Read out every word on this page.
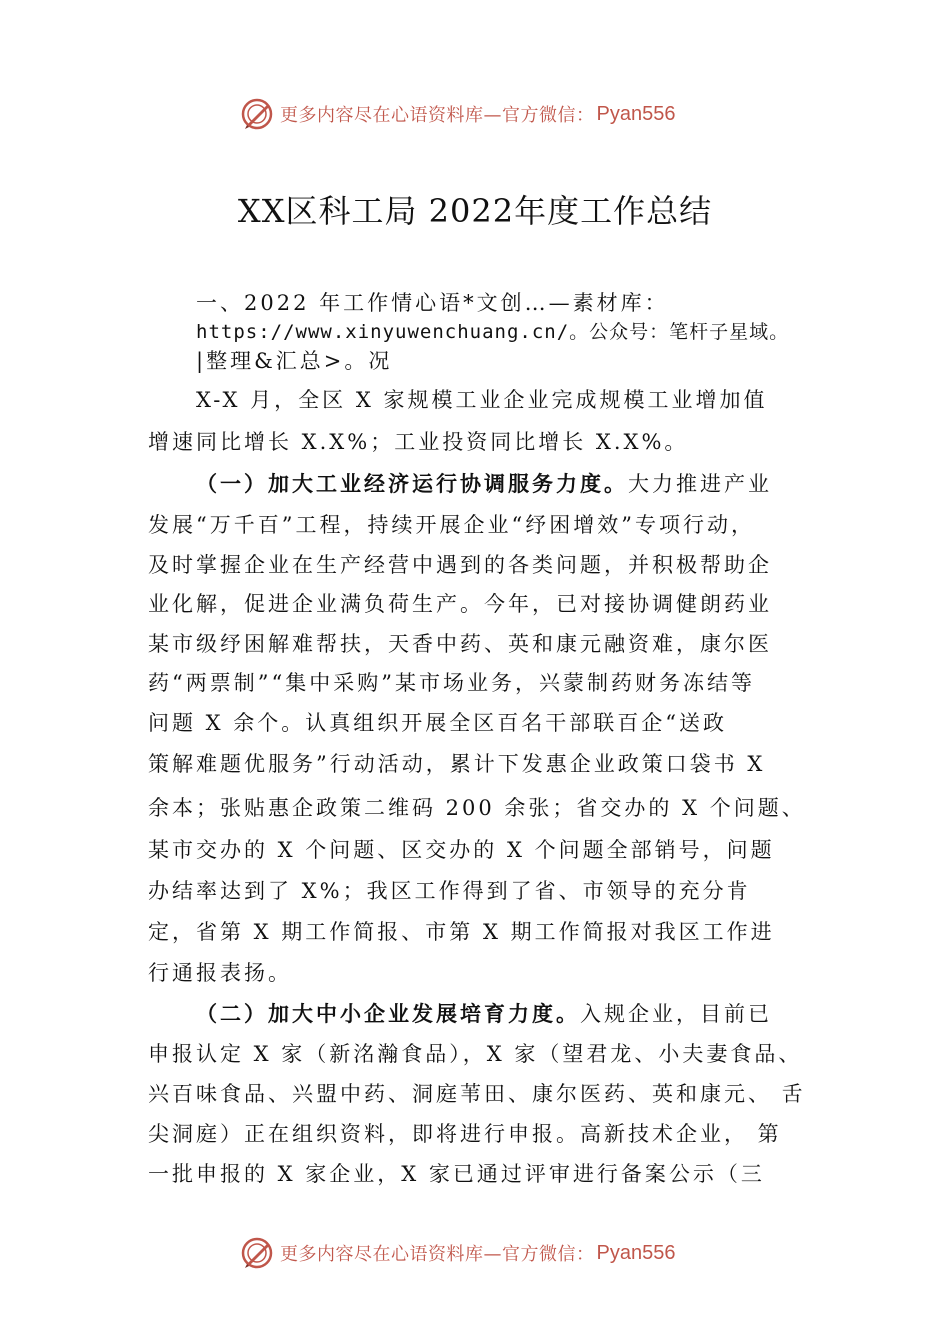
更多内容尽在心语资料库—官方微信： Pyan556
XX区科工局 2022年度工作总结
一、2022 年工作情心语*文创…—素材库：
https://www.xinyuwenchuang.cn/。公众号：笔杆子星域。
|整理&汇总>。况
X-X 月，全区 X 家规模工业企业完成规模工业增加值
增速同比增长 X.X%；工业投资同比增长 X.X%。
（一）加大工业经济运行协调服务力度。大力推进产业
发展“万千百”工程，持续开展企业“纾困增效”专项行动，
及时掌握企业在生产经营中遇到的各类问题，并积极帮助企
业化解，促进企业满负荷生产。今年，已对接协调健朗药业
某市级纾困解难帮扶，天香中药、英和康元融资难，康尔医
药“两票制”“集中采购”某市场业务，兴蒙制药财务冻结等
问题 X 余个。认真组织开展全区百名干部联百企“送政
策解难题优服务”行动活动，累计下发惠企业政策口袋书 X
余本；张贴惠企政策二维码 200 余张；省交办的 X 个问题、
某市交办的 X 个问题、区交办的 X 个问题全部销号，问题
办结率达到了 X%；我区工作得到了省、市领导的充分肯
定，省第 X 期工作简报、市第 X 期工作简报对我区工作进
行通报表扬。
（二）加大中小企业发展培育力度。入规企业，目前已
申报认定 X 家（新洺瀚食品），X 家（望君龙、小夫妻食品、
兴百味食品、兴盟中药、洞庭苇田、康尔医药、英和康元、 舌
尖洞庭）正在组织资料，即将进行申报。高新技术企业， 第
一批申报的 X 家企业，X 家已通过评审进行备案公示（三
更多内容尽在心语资料库—官方微信： Pyan556
